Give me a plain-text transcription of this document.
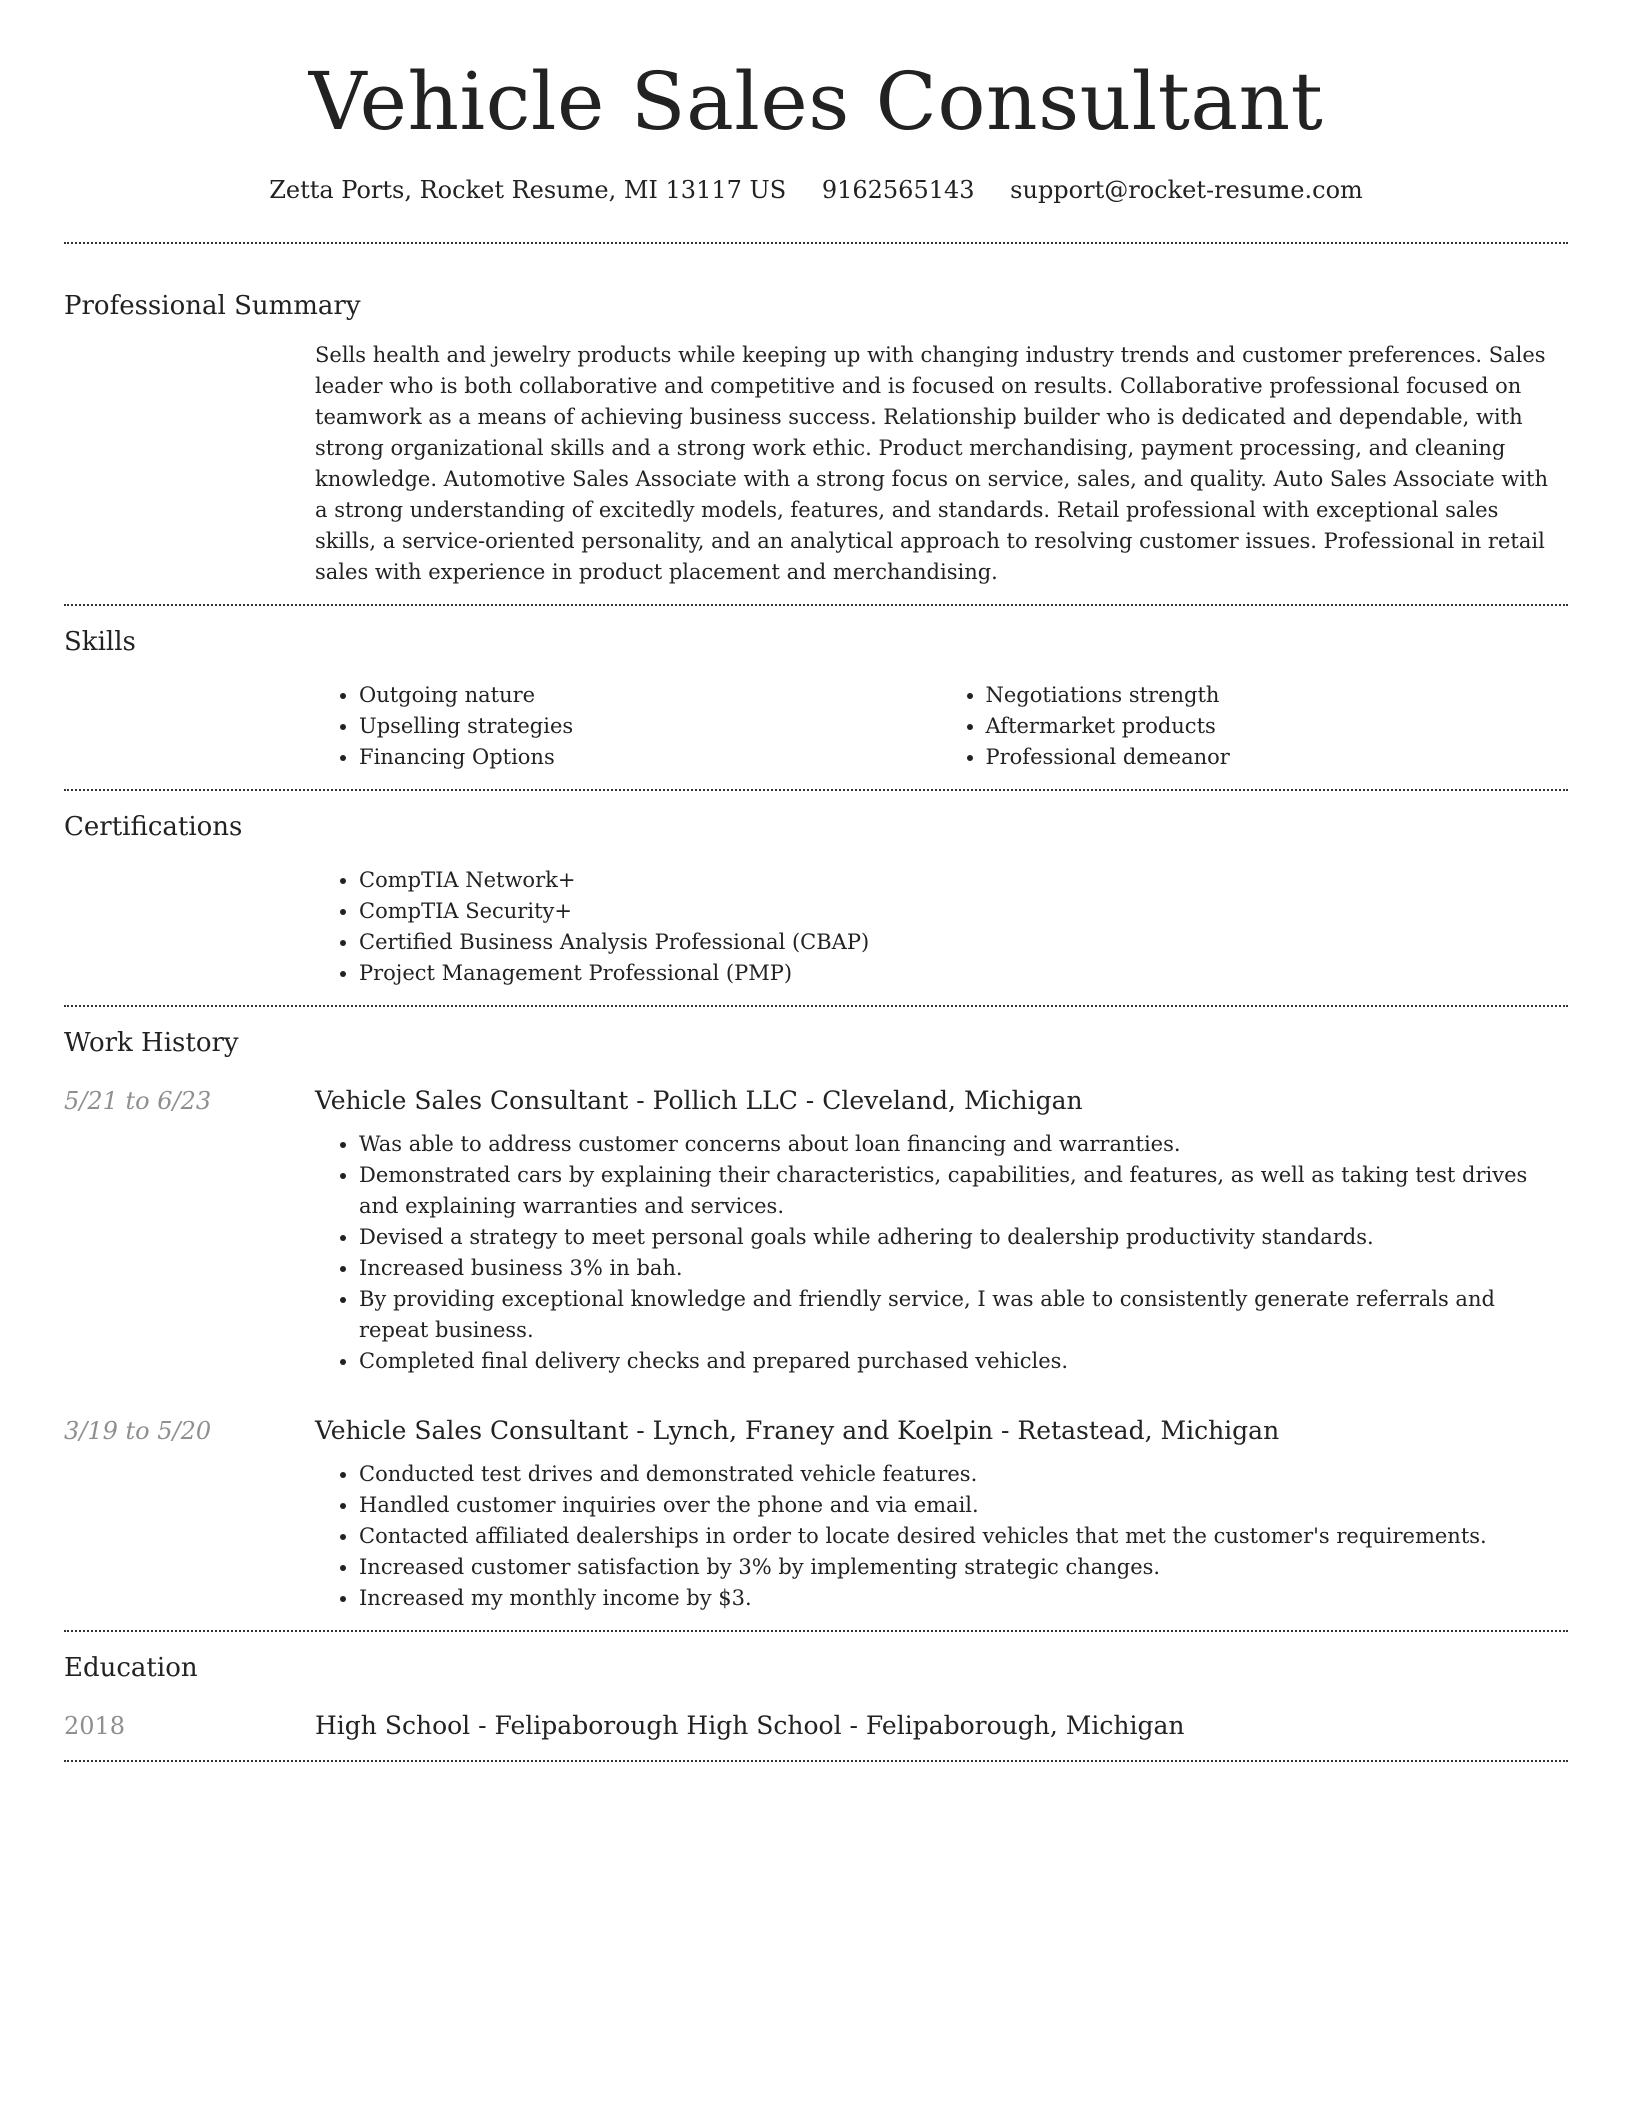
Vehicle Sales Consultant
Zetta Ports, Rocket Resume, MI 13117 US 9162565143 support@rocket-resume.com
Professional Summary
Sells health and jewelry products while keeping up with changing industry trends and customer preferences. Sales leader who is both collaborative and competitive and is focused on results. Collaborative professional focused on teamwork as a means of achieving business success. Relationship builder who is dedicated and dependable, with strong organizational skills and a strong work ethic. Product merchandising, payment processing, and cleaning knowledge. Automotive Sales Associate with a strong focus on service, sales, and quality. Auto Sales Associate with a strong understanding of excitedly models, features, and standards. Retail professional with exceptional sales skills, a service-oriented personality, and an analytical approach to resolving customer issues. Professional in retail sales with experience in product placement and merchandising.
Skills
• Outgoing nature
• Upselling strategies
• Financing Options
• Negotiations strength
• Aftermarket products
• Professional demeanor
Certifications
• CompTIA Network+
• CompTIA Security+
• Certified Business Analysis Professional (CBAP)
• Project Management Professional (PMP)
Work History
5/21 to 6/23	Vehicle Sales Consultant - Pollich LLC - Cleveland, Michigan
• Was able to address customer concerns about loan financing and warranties.
• Demonstrated cars by explaining their characteristics, capabilities, and features, as well as taking test drives and explaining warranties and services.
• Devised a strategy to meet personal goals while adhering to dealership productivity standards.
• Increased business 3% in bah.
• By providing exceptional knowledge and friendly service, I was able to consistently generate referrals and repeat business.
• Completed final delivery checks and prepared purchased vehicles.
3/19 to 5/20	Vehicle Sales Consultant - Lynch, Franey and Koelpin - Retastead, Michigan
• Conducted test drives and demonstrated vehicle features.
• Handled customer inquiries over the phone and via email.
• Contacted affiliated dealerships in order to locate desired vehicles that met the customer's requirements.
• Increased customer satisfaction by 3% by implementing strategic changes.
• Increased my monthly income by $3.
Education
2018	High School - Felipaborough High School - Felipaborough, Michigan
